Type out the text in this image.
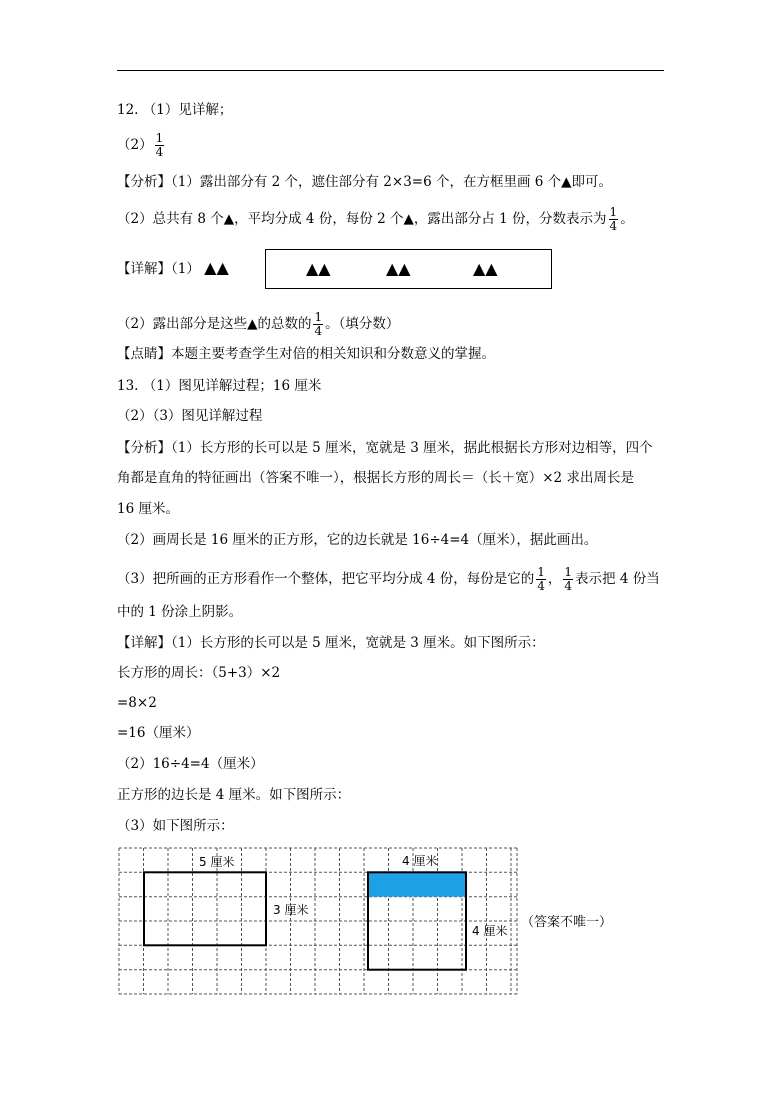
12. （1）见详解；
$(2) \frac{1}{4}$
【分析】（1）露出部分有 2 个，遮住部分有 2×3=6 个，在方框里画 6 个▲即可。
（2）总共有 8 个▲，平均分成 4 份，每份 2 个▲，露出部分占 1 份，分数表示为 $\frac{1}{4}$ 。
【详解】（1） ▲▲	▲▲	▲▲	▲▲
（2）露出部分是这些▲的总数的 $\frac{1}{4}$ 。（填分数）
【点睛】本题主要考查学生对倍的相关知识和分数意义的掌握。
13. （1）图见详解过程；16 厘米
（2）（3）图见详解过程
【分析】（1）长方形的长可以是 5 厘米，宽就是 3 厘米，据此根据长方形对边相等，四个
角都是直角的特征画出（答案不唯一），根据长方形的周长＝（长＋宽）×2 求出周长是
16 厘米。
（2）画周长是 16 厘米的正方形，它的边长就是 16÷4=4（厘米），据此画出。
（3）把所画的正方形看作一个整体，把它平均分成 4 份，每份是它的 $\frac{1}{4}$ ， $\frac{1}{4}$ 表示把 4 份当
中的 1 份涂上阴影。
【详解】（1）长方形的长可以是 5 厘米，宽就是 3 厘米。如下图所示：
长方形的周长：（5+3）×2
=8×2
=16（厘米）
（2）16÷4=4（厘米）
正方形的边长是 4 厘米。如下图所示：
（3）如下图所示：
5 厘米
3 厘米
4 厘米
4 厘米
（答案不唯一）
